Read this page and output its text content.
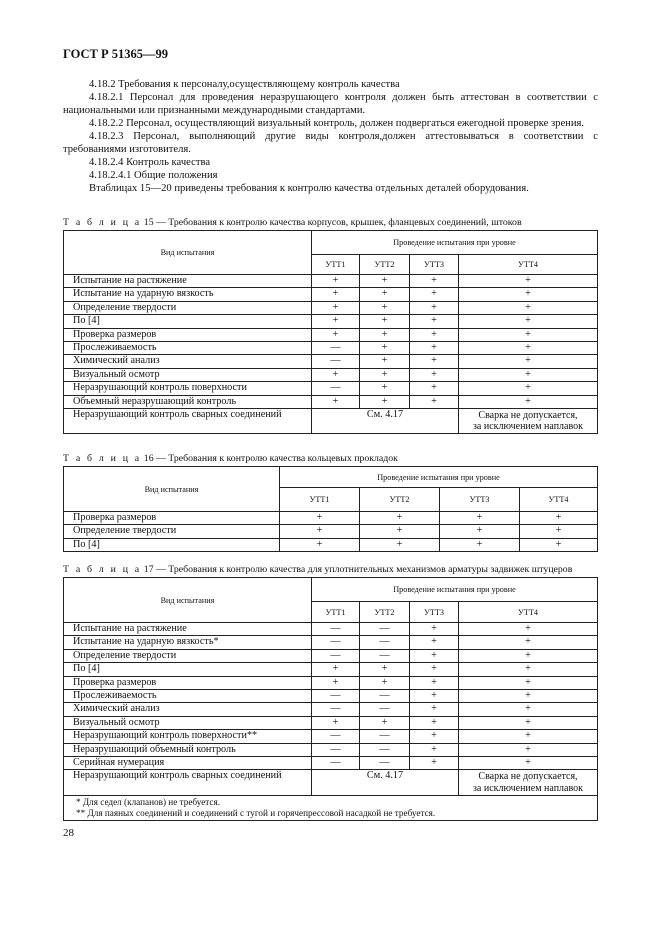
ГОСТ Р 51365—99
4.18.2 Требования к персоналу,осуществляющему контроль качества
4.18.2.1 Персонал для проведения неразрушающего контроля должен быть аттестован в соответствии с национальными или признанными международными стандартами.
4.18.2.2 Персонал, осуществляющий визуальный контроль, должен подвергаться ежегодной проверке зрения.
4.18.2.3 Персонал, выполняющий другие виды контроля,должен аттестовываться в соответствии с требованиями изготовителя.
4.18.2.4 Контроль качества
4.18.2.4.1 Общие положения
Втаблицах 15—20 приведены требования к контролю качества отдельных деталей оборудования.
Т а б л и ц а 15 — Требования к контролю качества корпусов, крышек, фланцевых соединений, штоков
Вид испытания	Проведение испытания при уровне			
	УТТ1	УТТ2	УТТ3	УТТ4
Испытание на растяжение	+	+	+	+
Испытание на ударную вязкость	+	+	+	+
Определение твердости	+	+	+	+
По [4]	+	+	+	+
Проверка размеров	+	+	+	+
Прослеживаемость	—	+	+	+
Химический анализ	—	+	+	+
Визуальный осмотр	+	+	+	+
Неразрушающий контроль поверхности	—	+	+	+
Объемный неразрушающий контроль	+	+	+	+
Неразрушающий контроль сварных соединений	См. 4.17			Сварка не допускается,
за исключением наплавок
Т а б л и ц а 16 — Требования к контролю качества кольцевых прокладок
Вид испытания	Проведение испытания при уровне			
	УТТ1	УТТ2	УТТ3	УТТ4
Проверка размеров	+	+	+	+
Определение твердости	+	+	+	+
По [4]	+	+	+	+
Т а б л и ц а 17 — Требования к контролю качества для уплотнительных механизмов арматуры задвижек штуцеров
Вид испытания	Проведение испытания при уровне			
	УТТ1	УТТ2	УТТ3	УТТ4
Испытание на растяжение	—	—	+	+
Испытание на ударную вязкость*	—	—	+	+
Определение твердости	—	—	+	+
По [4]	+	+	+	+
Проверка размеров	+	+	+	+
Прослеживаемость	—	—	+	+
Химический анализ	—	—	+	+
Визуальный осмотр	+	+	+	+
Неразрушающий контроль поверхности**	—	—	+	+
Неразрушающий объемный контроль	—	—	+	+
Серийная нумерация	—	—	+	+
Неразрушающий контроль сварных соединений	См. 4.17			Сварка не допускается,
за исключением наплавок

* Для седел (клапанов) не требуется.
** Для паяных соединений и соединений с тугой и горячепрессовой насадкой не требуется.				
28
